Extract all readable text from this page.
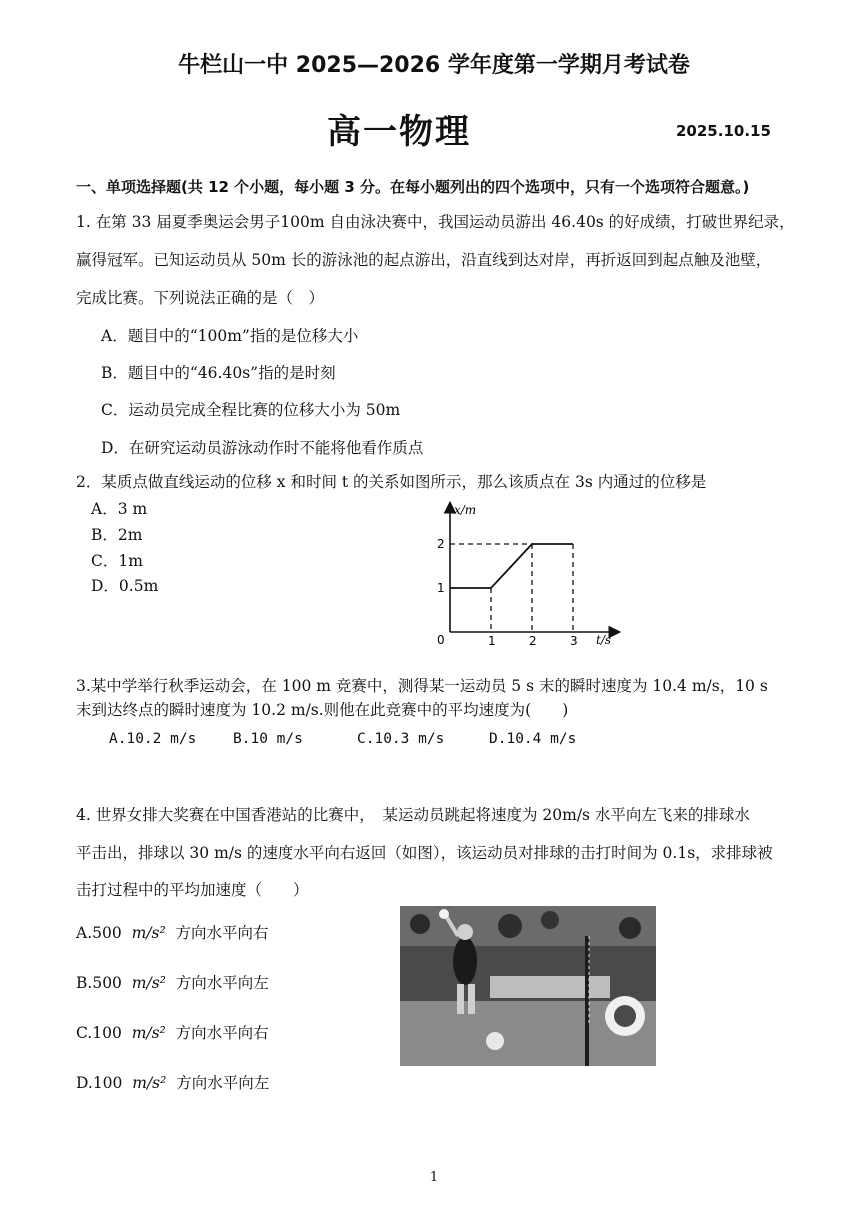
牛栏山一中 2025—2026 学年度第一学期月考试卷
高一物理	2025.10.15
一、单项选择题(共 12 个小题，每小题 3 分。在每小题列出的四个选项中，只有一个选项符合题意。)
1. 在第 33 届夏季奥运会男子100m 自由泳决赛中，我国运动员游出 46.40s 的好成绩，打破世界纪录，
赢得冠军。已知运动员从 50m 长的游泳池的起点游出，沿直线到达对岸，再折返回到起点触及池壁，
完成比赛。下列说法正确的是（　）
A．题目中的“100m”指的是位移大小
B．题目中的“46.40s”指的是时刻
C．运动员完成全程比赛的位移大小为 50m
D．在研究运动员游泳动作时不能将他看作质点
2．某质点做直线运动的位移 x 和时间 t 的关系如图所示，那么该质点在 3s 内通过的位移是
A．3 m
B．2m
C．1m
D．0.5m
x/m
t/s
0	1	2	3
1
2
3.某中学举行秋季运动会，在 100 m 竞赛中，测得某一运动员 5 s 末的瞬时速度为 10.4 m/s，10 s
末到达终点的瞬时速度为 10.2 m/s.则他在此竞赛中的平均速度为(　　)
A.10.2 m/s	B.10 m/s	C.10.3 m/s	D.10.4 m/s
4. 世界女排大奖赛在中国香港站的比赛中，　某运动员跳起将速度为 20m/s 水平向左飞来的排球水
平击出，排球以 30 m/s 的速度水平向右返回（如图），该运动员对排球的击打时间为 0.1s，求排球被
击打过程中的平均加速度（　　）
A.500 m/s² 方向水平向右
B.500 m/s² 方向水平向左
C.100 m/s² 方向水平向右
D.100 m/s² 方向水平向左
1
